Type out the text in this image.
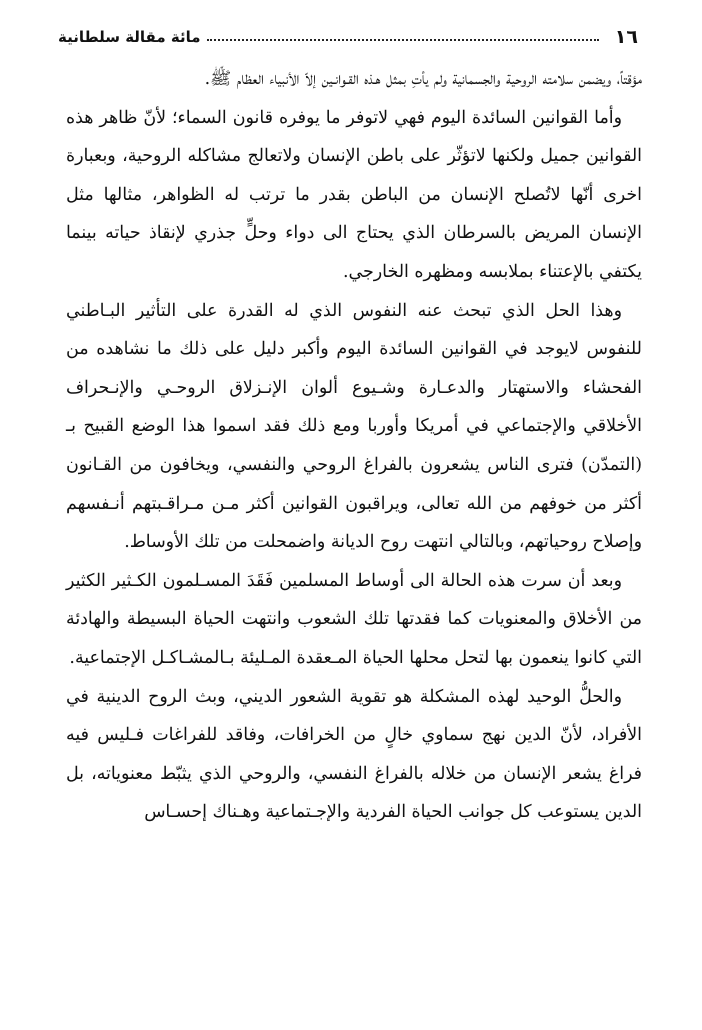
١٦
مائة مقالة سلطانية

مؤقتاً، ويضمن سلامته الروحية والجسمانية ولم يأتِ بمثل هـذه القـوانـين إلاّ الأنبياء العظام ﷺ.

وأما القوانين السائدة اليوم فهي لاتوفر ما يوفره قانون السماء؛ لأنّ ظاهر هذه القوانين جميل ولكنها لاتؤثّر على باطن الإنسان ولاتعالج مشاكله الروحية، وبعبارة اخرى أنّها لاتُصلح الإنسان من الباطن بقدر ما ترتب له الظواهر، مثالها مثل الإنسان المريض بالسرطان الذي يحتاج الى دواء وحلٍّ جذري لإنقاذ حياته بينما يكتفي بالإعتناء بملابسه ومظهره الخارجي.

وهذا الحل الذي تبحث عنه النفوس الذي له القدرة على التأثير البـاطني للنفوس لايوجد في القوانين السائدة اليوم وأكبر دليل على ذلك ما نشاهده من الفحشاء والاستهتار والدعـارة وشـيوع ألوان الإنـزلاق الروحـي والإنـحراف الأخلاقي والإجتماعي في أمريكا وأوربا ومع ذلك فقد اسموا هذا الوضع القبيح بـ (التمدّن) فترى الناس يشعرون بالفراغ الروحي والنفسي، ويخافون من القـانون أكثر من خوفهم من الله تعالى، ويراقبون القوانين أكثر مـن مـراقـبتهم أنـفسهم وإصلاح روحياتهم، وبالتالي انتهت روح الديانة واضمحلت من تلك الأوساط.

وبعد أن سرت هذه الحالة الى أوساط المسلمين فَقَدَ المسـلمون الكـثير الكثير من الأخلاق والمعنويات كما فقدتها تلك الشعوب وانتهت الحياة البسيطة والهادئة التي كانوا ينعمون بها لتحل محلها الحياة المـعقدة المـليئة بـالمشـاكـل الإجتماعية.

والحلُّ الوحيد لهذه المشكلة هو تقوية الشعور الديني، وبث الروح الدينية في الأفراد، لأنّ الدين نهج سماوي خالٍ من الخرافات، وفاقد للفراغات فـليس فيه فراغ يشعر الإنسان من خلاله بالفراغ النفسي، والروحي الذي يثبّط معنوياته، بل الدين يستوعب كل جوانب الحياة الفردية والإجـتماعية وهـناك إحسـاس
